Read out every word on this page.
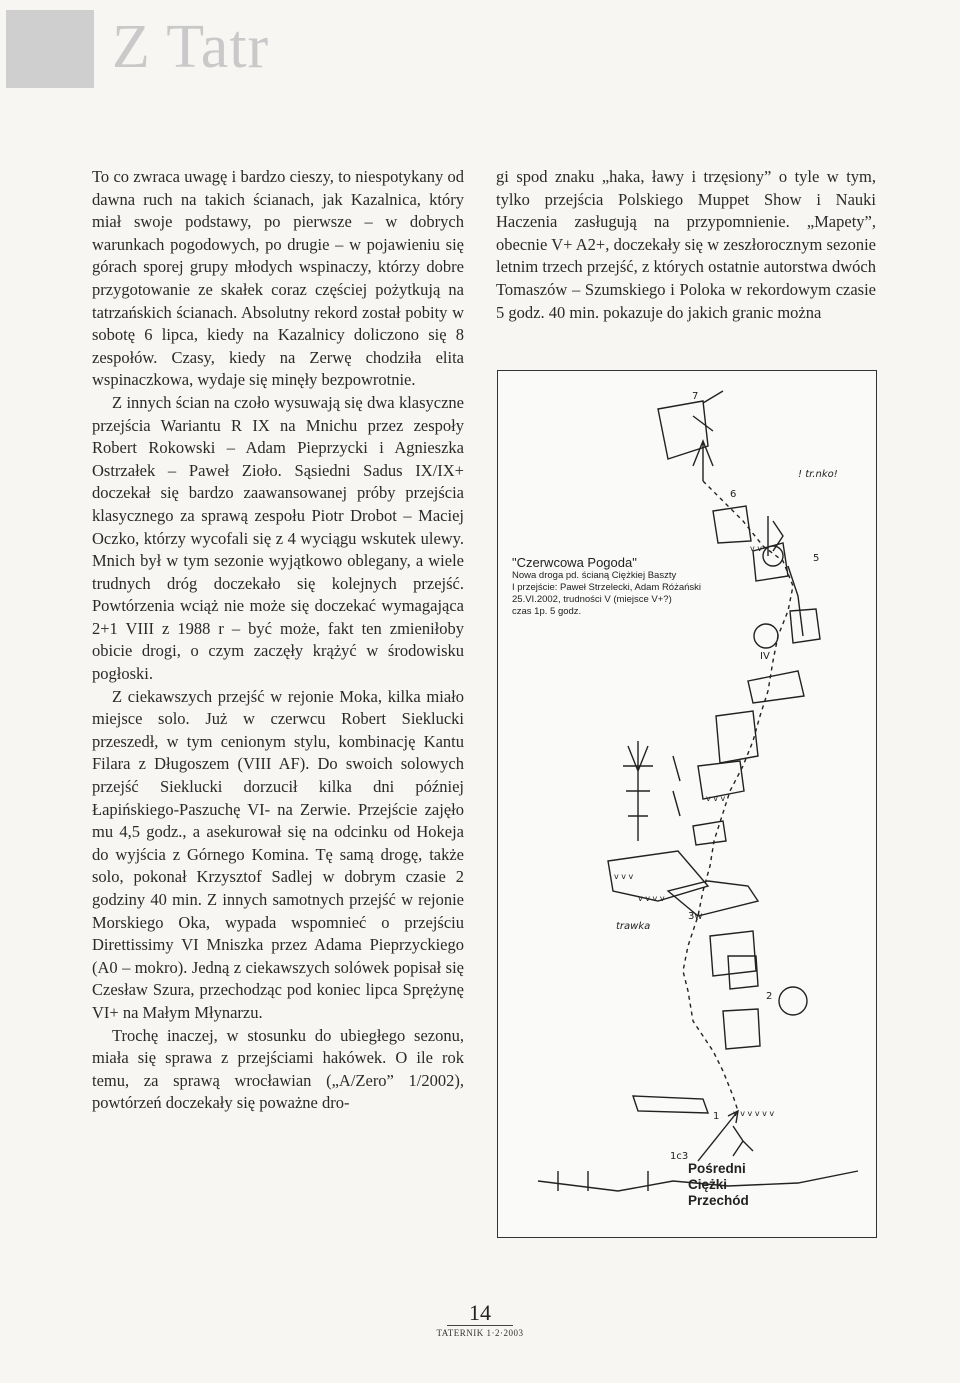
Z Tatr

To co zwraca uwagę i bardzo cieszy, to niespotykany od dawna ruch na takich ścianach, jak Kazalnica, który miał swoje podstawy, po pierwsze – w dobrych warunkach pogodowych, po drugie – w pojawieniu się górach sporej grupy młodych wspinaczy, którzy dobre przygotowanie ze skałek coraz częściej pożytkują na tatrzańskich ścianach. Absolutny rekord został pobity w sobotę 6 lipca, kiedy na Kazalnicy doliczono się 8 zespołów. Czasy, kiedy na Zerwę chodziła elita wspinaczkowa, wydaje się minęły bezpowrotnie.

Z innych ścian na czoło wysuwają się dwa klasyczne przejścia Wariantu R IX na Mnichu przez zespoły Robert Rokowski – Adam Pieprzycki i Agnieszka Ostrzałek – Paweł Zioło. Sąsiedni Sadus IX/IX+ doczekał się bardzo zaawansowanej próby przejścia klasycznego za sprawą zespołu Piotr Drobot – Maciej Oczko, którzy wycofali się z 4 wyciągu wskutek ulewy. Mnich był w tym sezonie wyjątkowo oblegany, a wiele trudnych dróg doczekało się kolejnych przejść. Powtórzenia wciąż nie może się doczekać wymagająca 2+1 VIII z 1988 r – być może, fakt ten zmieniłoby obicie drogi, o czym zaczęły krążyć w środowisku pogłoski.

Z ciekawszych przejść w rejonie Moka, kilka miało miejsce solo. Już w czerwcu Robert Sieklucki przeszedł, w tym cenionym stylu, kombinację Kantu Filara z Długoszem (VIII AF). Do swoich solowych przejść Sieklucki dorzucił kilka dni później Łapińskiego-Paszuchę VI- na Zerwie. Przejście zajęło mu 4,5 godz., a asekurował się na odcinku od Hokeja do wyjścia z Górnego Komina. Tę samą drogę, także solo, pokonał Krzysztof Sadlej w dobrym czasie 2 godziny 40 min. Z innych samotnych przejść w rejonie Morskiego Oka, wypada wspomnieć o przejściu Direttissimy VI Mniszka przez Adama Pieprzyckiego (A0 – mokro). Jedną z ciekawszych solówek popisał się Czesław Szura, przechodząc pod koniec lipca Sprężynę VI+ na Małym Młynarzu.

Trochę inaczej, w stosunku do ubiegłego sezonu, miała się sprawa z przejściami hakówek. O ile rok temu, za sprawą wrocławian („A/Zero” 1/2002), powtórzeń doczekały się poważne dro-

gi spod znaku „haka, ławy i trzęsiony” o tyle w tym, tylko przejścia Polskiego Muppet Show i Nauki Haczenia zasługują na przypomnienie. „Mapety”, obecnie V+ A2+, doczekały się w zeszłorocznym sezonie letnim trzech przejść, z których ostatnie autorstwa dwóch Tomaszów – Szumskiego i Poloka w rekordowym czasie 5 godz. 40 min. pokazuje do jakich granic można

v v
v v v
v v v v
v v v
v v v v v v
7
! tr.nko!
6
5
IV
3w
2
1
1c3
trawka
"Czerwcowa Pogoda"
Nowa droga pd. ścianą Ciężkiej Baszty
I przejście: Paweł Strzelecki, Adam Różański
25.VI.2002, trudności V (miejsce V+?)
czas 1p. 5 godz.
Pośredni
Ciężki
Przechód
14
TATERNIK 1·2·2003
